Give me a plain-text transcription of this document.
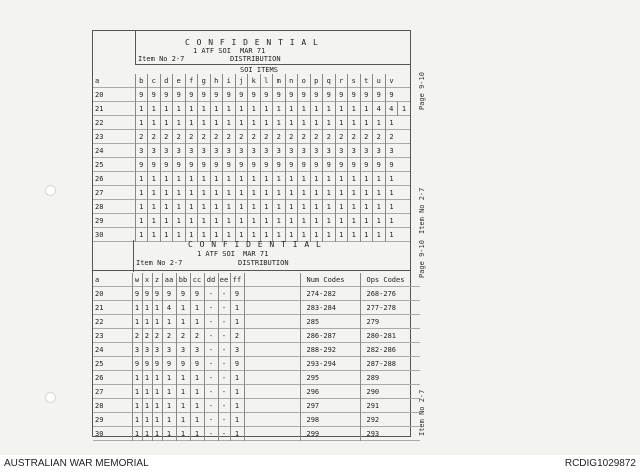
C O N F I D E N T I A L
1 ATF SOI MAR 71
Item No 2-7	DISTRIBUTION
SOI ITEMS
a	b	c	d	e	f	g	h	i	j	k	l	m	n	o	p	q	r	s	t	u	v	
20	9	9	9	9	9	9	9	9	9	9	9	9	9	9	9	9	9	9	9	9	9	
21	1	1	1	1	1	1	1	1	1	1	1	1	1	1	1	1	1	1	1	4	4	1
22	1	1	1	1	1	1	1	1	1	1	1	1	1	1	1	1	1	1	1	1	1	
23	2	2	2	2	2	2	2	2	2	2	2	2	2	2	2	2	2	2	2	2	2	
24	3	3	3	3	3	3	3	3	3	3	3	3	3	3	3	3	3	3	3	3	3	
25	9	9	9	9	9	9	9	9	9	9	9	9	9	9	9	9	9	9	9	9	9	
26	1	1	1	1	1	1	1	1	1	1	1	1	1	1	1	1	1	1	1	1	1	
27	1	1	1	1	1	1	1	1	1	1	1	1	1	1	1	1	1	1	1	1	1	
28	1	1	1	1	1	1	1	1	1	1	1	1	1	1	1	1	1	1	1	1	1	
29	1	1	1	1	1	1	1	1	1	1	1	1	1	1	1	1	1	1	1	1	1	
30	1	1	1	1	1	1	1	1	1	1	1	1	1	1	1	1	1	1	1	1	1	
Page 9-10
Item No 2-7
C O N F I D E N T I A L
1 ATF SOI MAR 71
Item No 2-7	DISTRIBUTION
a	w	x	z	aa	bb	cc	dd	ee	ff		Num Codes	Ops Codes
20	9	9	9	9	9	9	-	-	9		274-282	268-276
21	1	1	1	4	1	1	-	-	1		283-284	277-278
22	1	1	1	1	1	1	-	-	1		285	279
23	2	2	2	2	2	2	-	-	2		286-287	280-281
24	3	3	3	3	3	3	-	-	3		288-292	282-286
25	9	9	9	9	9	9	-	-	9		293-294	287-288
26	1	1	1	1	1	1	-	-	1		295	289
27	1	1	1	1	1	1	-	-	1		296	290
28	1	1	1	1	1	1	-	-	1		297	291
29	1	1	1	1	1	1	-	-	1		298	292
30	1	1	1	1	1	1	-	-	1		299	293
Page 9-10
Item No 2-7
AUSTRALIAN WAR MEMORIAL	RCDIG1029872
